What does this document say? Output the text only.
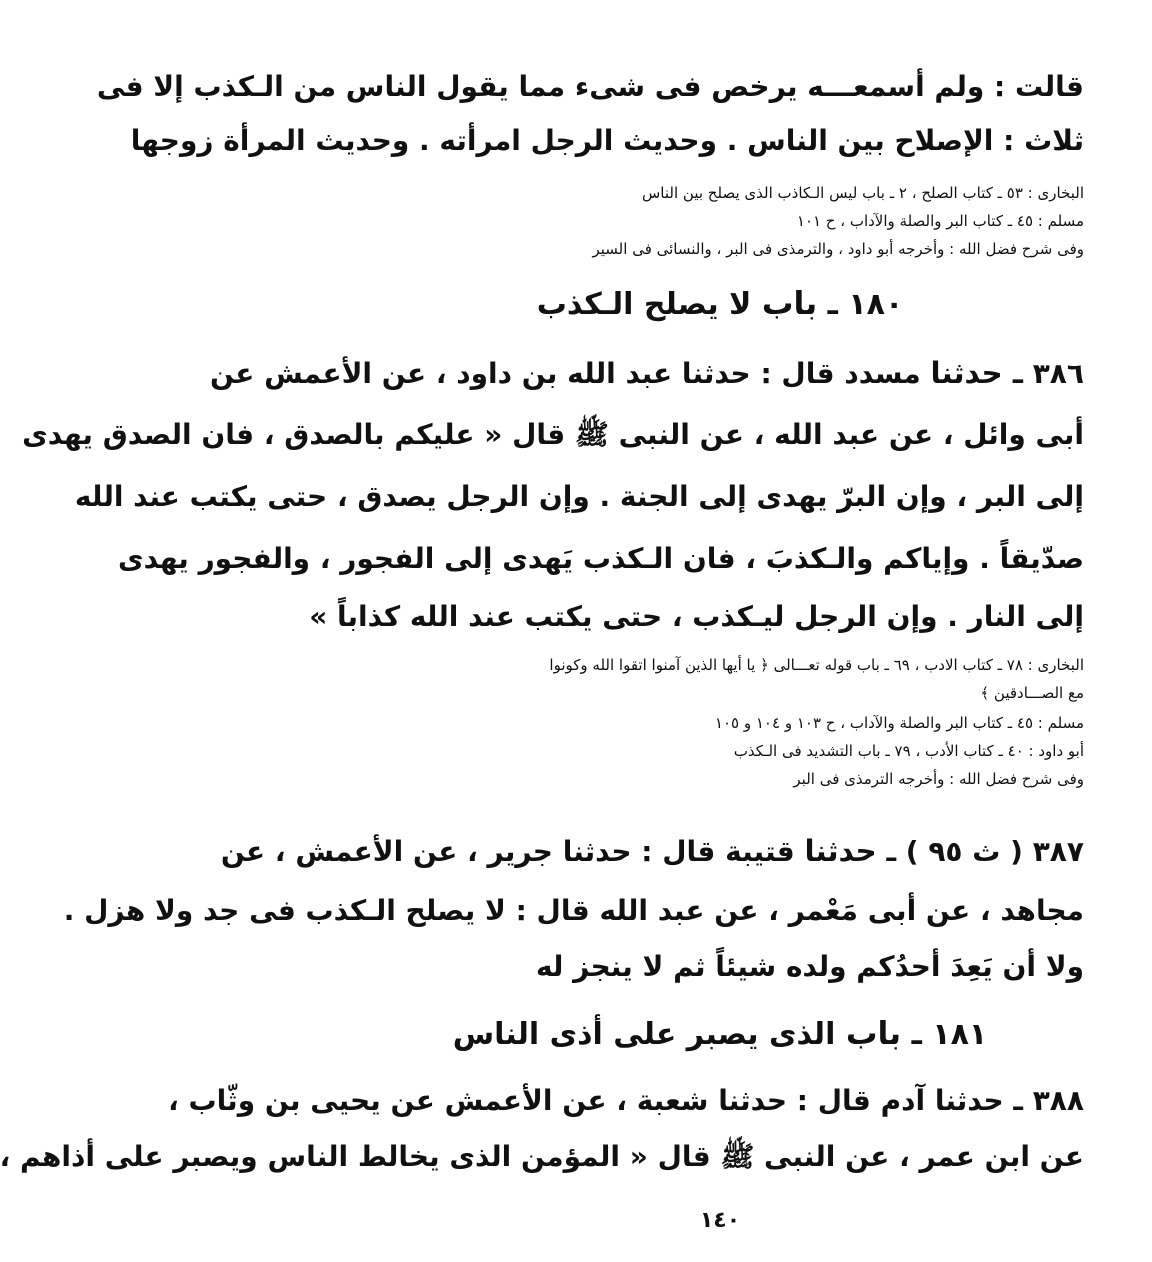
قالت : ولم أسمعـــه يرخص فى شىء مما يقول الناس من الـكذب إلا فى
ثلاث : الإصلاح بين الناس . وحديث الرجل امرأته . وحديث المرأة زوجها
البخارى : ٥٣ ـ كتاب الصلح ، ٢ ـ باب ليس الـكاذب الذى يصلح بين الناس
مسلم : ٤٥ ـ كتاب البر والصلة والآداب ، ح ١٠١
وفى شرح فضل الله : وأخرجه أبو داود ، والترمذى فى البر ، والنسائى فى السير
١٨٠ ـ باب لا يصلح الـكذب
٣٨٦ ـ حدثنا مسدد قال : حدثنا عبد الله بن داود ، عن الأعمش عن
أبى وائل ، عن عبد الله ، عن النبى ﷺ قال « عليكم بالصدق ، فان الصدق يهدى
إلى البر ، وإن البرّ يهدى إلى الجنة . وإن الرجل يصدق ، حتى يكتب عند الله
صدّيقاً . وإياكم والـكذبَ ، فان الـكذب يَهدى إلى الفجور ، والفجور يهدى
إلى النار . وإن الرجل ليـكذب ، حتى يكتب عند الله كذاباً »
البخارى : ٧٨ ـ كتاب الادب ، ٦٩ ـ باب قوله تعـــالى ﴿ يا أيها الذين آمنوا اتقوا الله وكونوا
مع الصـــادقين ﴾
مسلم : ٤٥ ـ كتاب البر والصلة والآداب ، ح ١٠٣ و ١٠٤ و ١٠٥
أبو داود : ٤٠ ـ كتاب الأدب ، ٧٩ ـ باب التشديد فى الـكذب
وفى شرح فضل الله : وأخرجه الترمذى فى البر
٣٨٧ ( ث ٩٥ ) ـ حدثنا قتيبة قال : حدثنا جرير ، عن الأعمش ، عن
مجاهد ، عن أبى مَعْمر ، عن عبد الله قال : لا يصلح الـكذب فى جد ولا هزل .
ولا أن يَعِدَ أحدُكم ولده شيئاً ثم لا ينجز له
١٨١ ـ باب الذى يصبر على أذى الناس
٣٨٨ ـ حدثنا آدم قال : حدثنا شعبة ، عن الأعمش عن يحيى بن وثّاب ،
عن ابن عمر ، عن النبى ﷺ قال « المؤمن الذى يخالط الناس ويصبر على أذاهم ،
١٤٠
